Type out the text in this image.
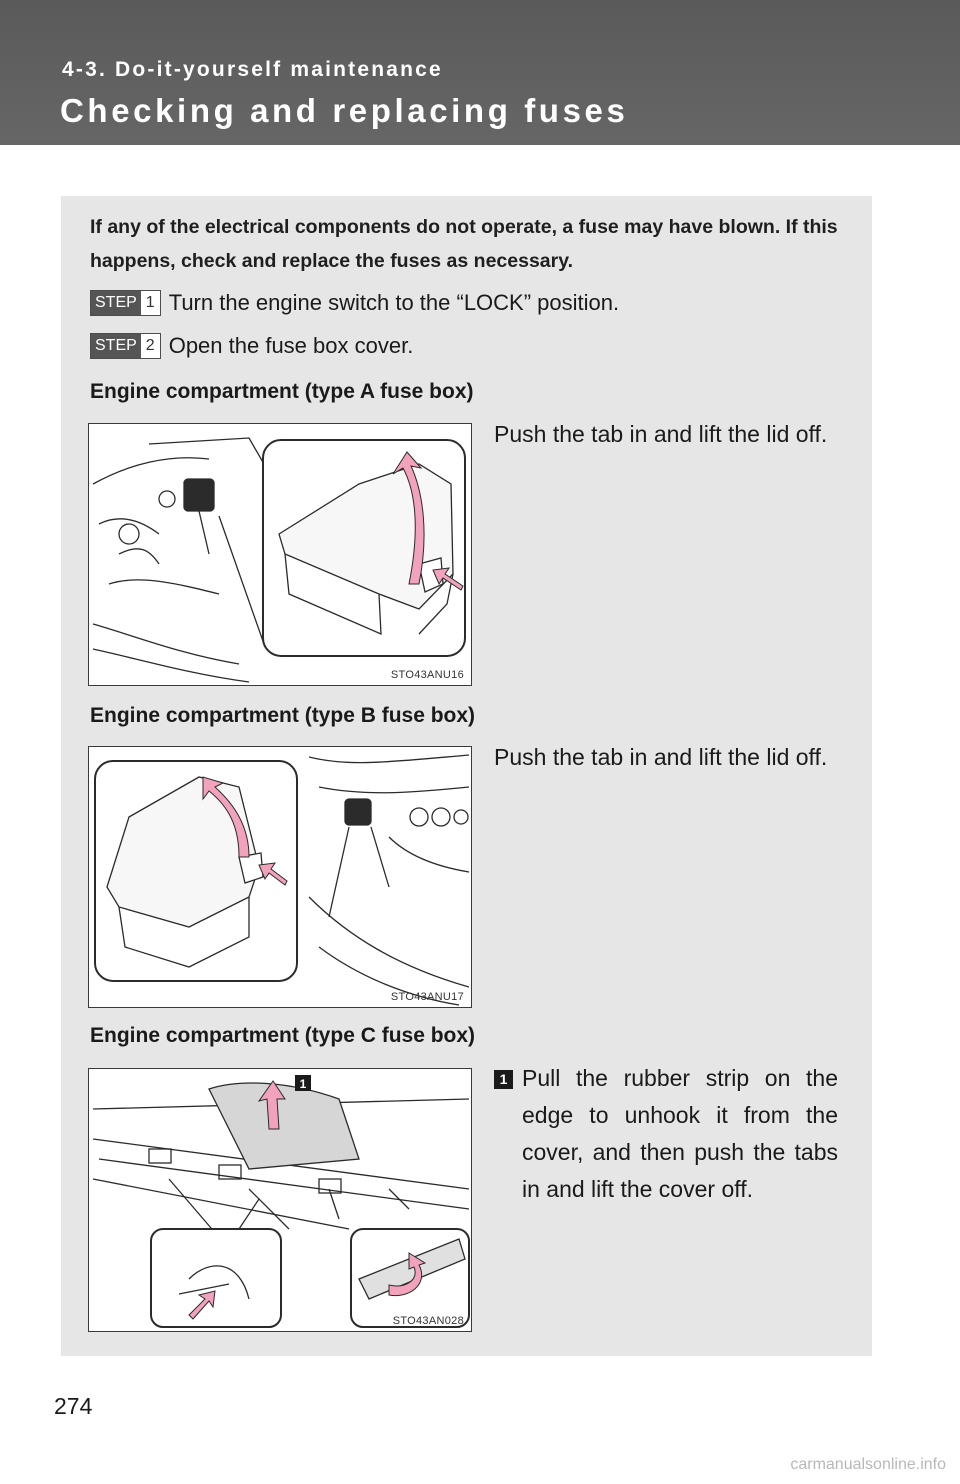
4-3. Do-it-yourself maintenance
Checking and replacing fuses
If any of the electrical components do not operate, a fuse may have blown. If this happens, check and replace the fuses as necessary.
STEP 1 Turn the engine switch to the “LOCK” position.
STEP 2 Open the fuse box cover.
Engine compartment (type A fuse box)
STO43ANU16
Push the tab in and lift the lid off.
Engine compartment (type B fuse box)
STO43ANU17
Push the tab in and lift the lid off.
Engine compartment (type C fuse box)
1
STO43AN028
1 Pull the rubber strip on the edge to unhook it from the cover, and then push the tabs in and lift the cover off.
274
carmanualsonline.info
